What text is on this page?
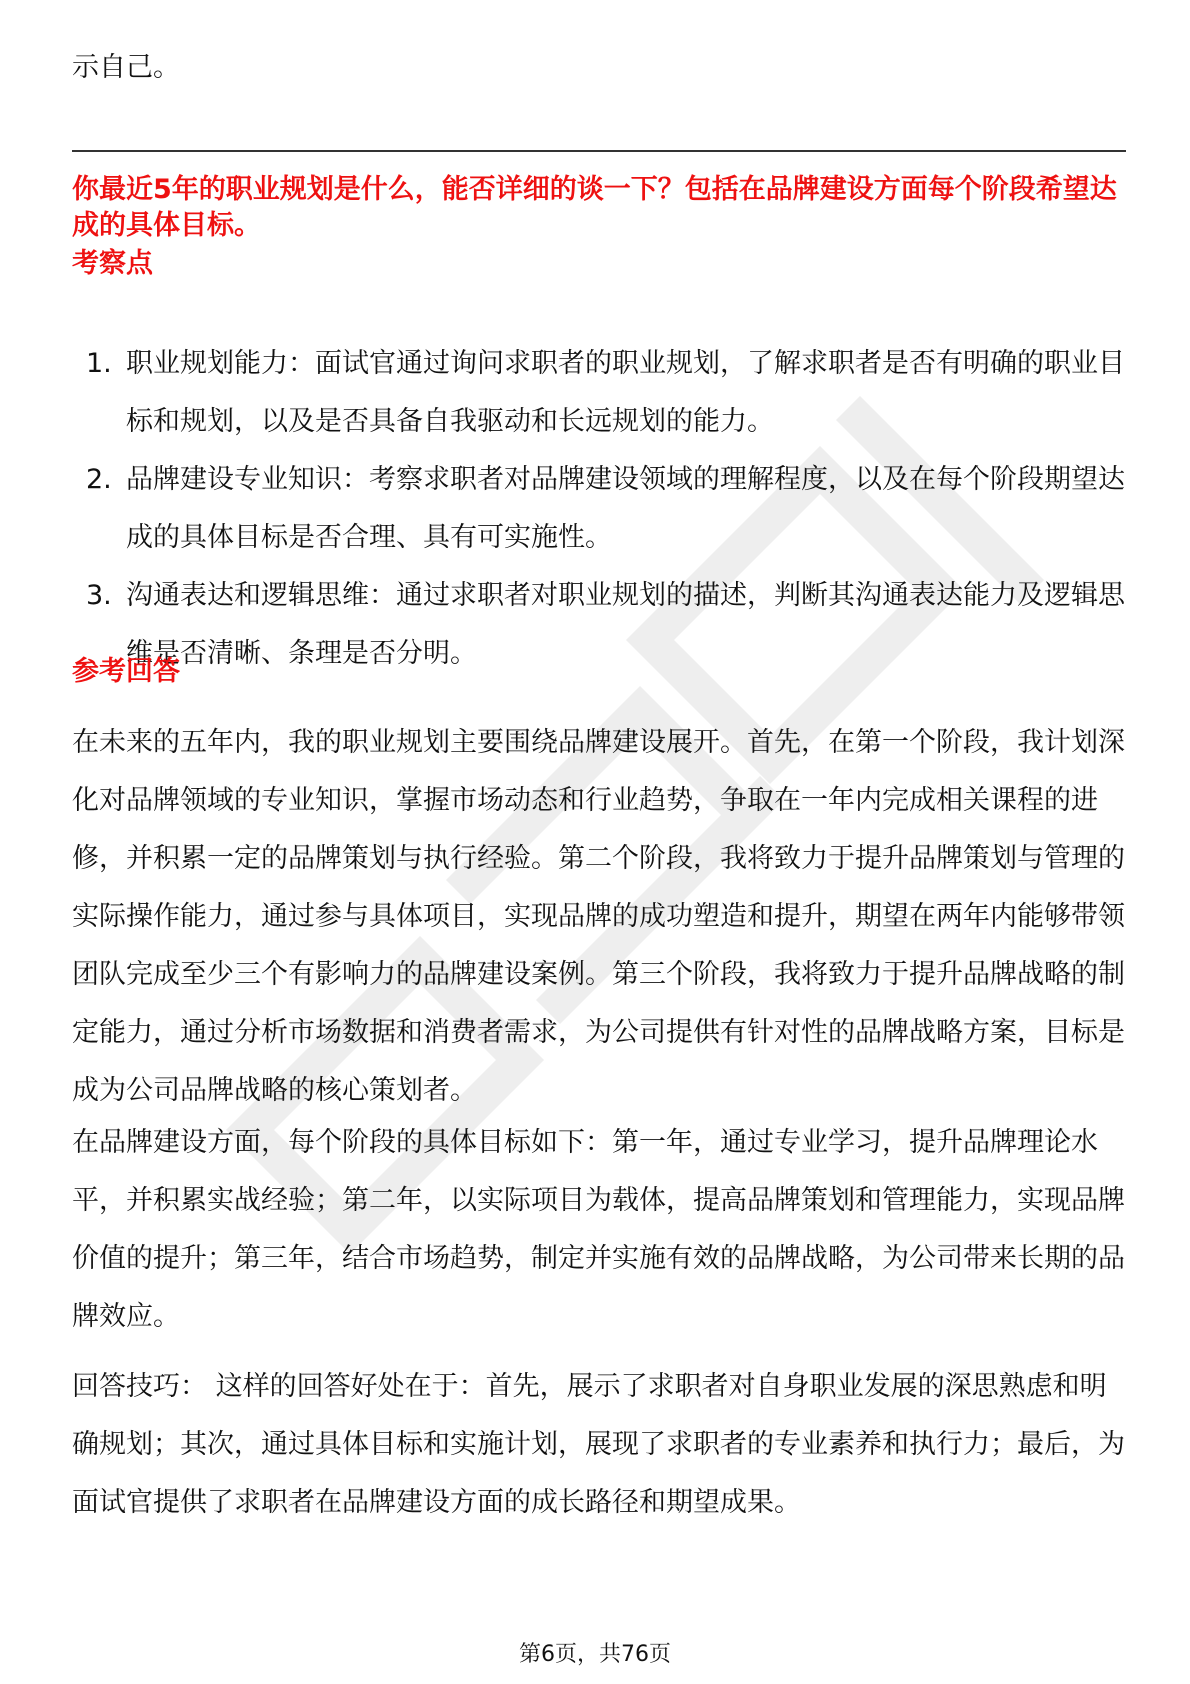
示自己。
你最近5年的职业规划是什么，能否详细的谈一下？包括在品牌建设方面每个阶段希望达成的具体目标。
考察点
1. 职业规划能力：面试官通过询问求职者的职业规划，了解求职者是否有明确的职业目标和规划，以及是否具备自我驱动和长远规划的能力。
2. 品牌建设专业知识：考察求职者对品牌建设领域的理解程度，以及在每个阶段期望达成的具体目标是否合理、具有可实施性。
3. 沟通表达和逻辑思维：通过求职者对职业规划的描述，判断其沟通表达能力及逻辑思维是否清晰、条理是否分明。
参考回答
在未来的五年内，我的职业规划主要围绕品牌建设展开。首先，在第一个阶段，我计划深化对品牌领域的专业知识，掌握市场动态和行业趋势，争取在一年内完成相关课程的进修，并积累一定的品牌策划与执行经验。第二个阶段，我将致力于提升品牌策划与管理的实际操作能力，通过参与具体项目，实现品牌的成功塑造和提升，期望在两年内能够带领团队完成至少三个有影响力的品牌建设案例。第三个阶段，我将致力于提升品牌战略的制定能力，通过分析市场数据和消费者需求，为公司提供有针对性的品牌战略方案，目标是成为公司品牌战略的核心策划者。
在品牌建设方面，每个阶段的具体目标如下：第一年，通过专业学习，提升品牌理论水平，并积累实战经验；第二年，以实际项目为载体，提高品牌策划和管理能力，实现品牌价值的提升；第三年，结合市场趋势，制定并实施有效的品牌战略，为公司带来长期的品牌效应。
回答技巧： 这样的回答好处在于：首先，展示了求职者对自身职业发展的深思熟虑和明确规划；其次，通过具体目标和实施计划，展现了求职者的专业素养和执行力；最后，为面试官提供了求职者在品牌建设方面的成长路径和期望成果。
第6页，共76页
